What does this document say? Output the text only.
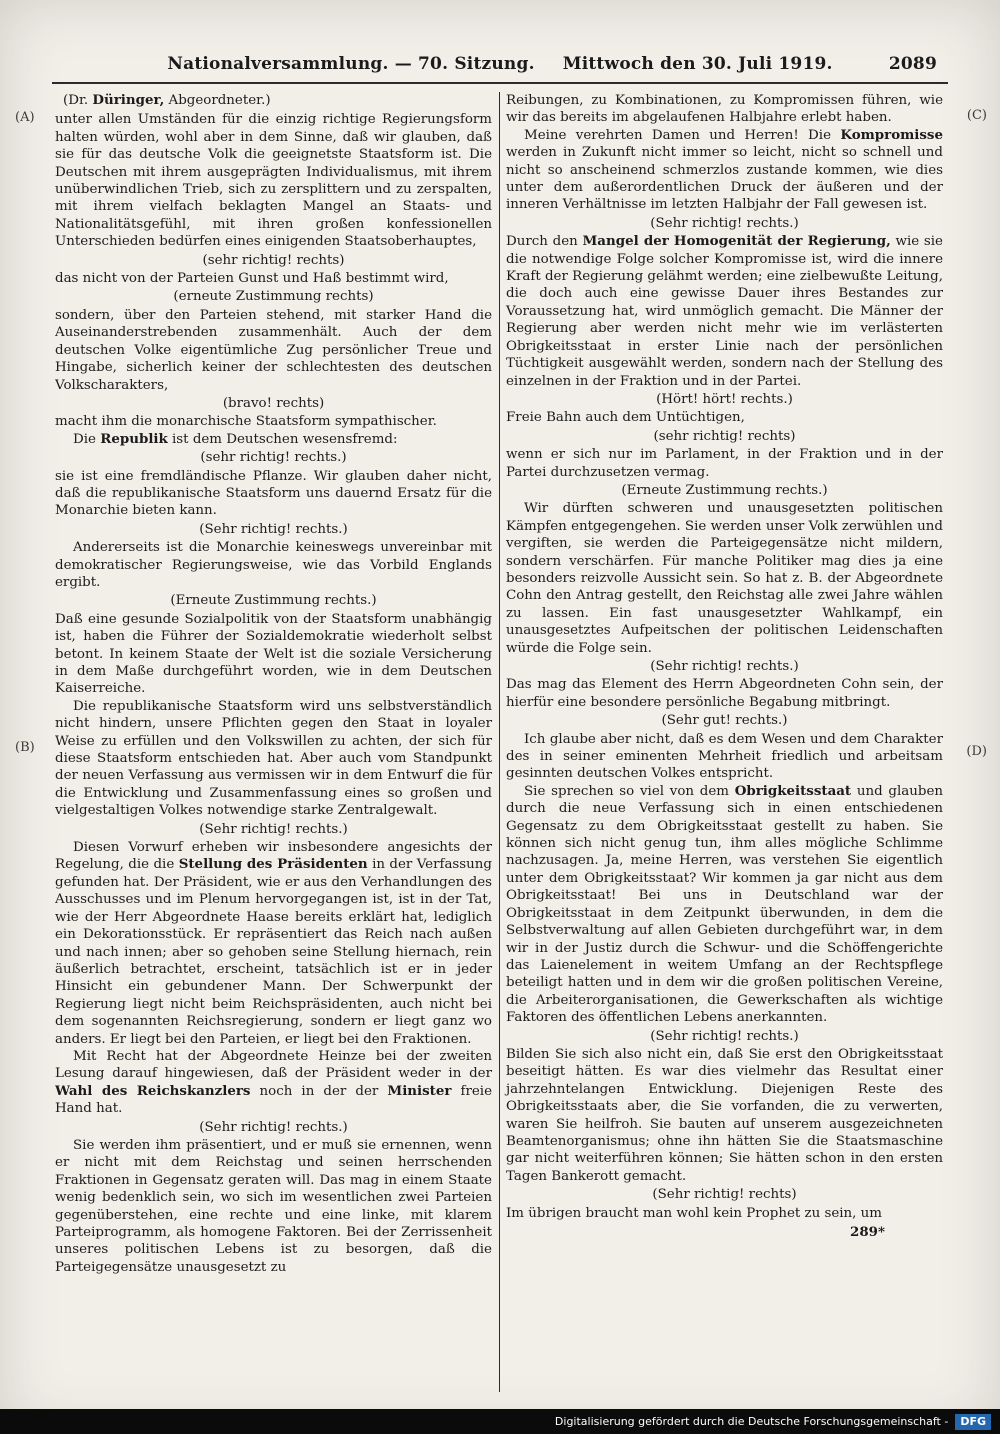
Nationalversammlung. — 70. Sitzung. Mittwoch den 30. Juli 1919.	2089
(A)
(B)
(C)
(D)
(Dr. Düringer, Abgeordneter.)
unter allen Umständen für die einzig richtige Regierungsform halten würden, wohl aber in dem Sinne, daß wir glauben, daß sie für das deutsche Volk die geeignetste Staatsform ist. Die Deutschen mit ihrem ausgeprägten Individualismus, mit ihrem unüberwindlichen Trieb, sich zu zersplittern und zu zerspalten, mit ihrem vielfach beklagten Mangel an Staats- und Nationalitätsgefühl, mit ihren großen konfessionellen Unterschieden bedürfen eines einigenden Staatsoberhauptes,
(sehr richtig! rechts)
das nicht von der Parteien Gunst und Haß bestimmt wird,
(erneute Zustimmung rechts)
sondern, über den Parteien stehend, mit starker Hand die Auseinanderstrebenden zusammenhält. Auch der dem deutschen Volke eigentümliche Zug persönlicher Treue und Hingabe, sicherlich keiner der schlechtesten des deutschen Volkscharakters,
(bravo! rechts)
macht ihm die monarchische Staatsform sympathischer.
Die Republik ist dem Deutschen wesensfremd:
(sehr richtig! rechts.)
sie ist eine fremdländische Pflanze. Wir glauben daher nicht, daß die republikanische Staatsform uns dauernd Ersatz für die Monarchie bieten kann.
(Sehr richtig! rechts.)
Andererseits ist die Monarchie keineswegs unvereinbar mit demokratischer Regierungsweise, wie das Vorbild Englands ergibt.
(Erneute Zustimmung rechts.)
Daß eine gesunde Sozialpolitik von der Staatsform unabhängig ist, haben die Führer der Sozialdemokratie wiederholt selbst betont. In keinem Staate der Welt ist die soziale Versicherung in dem Maße durchgeführt worden, wie in dem Deutschen Kaiserreiche.
Die republikanische Staatsform wird uns selbstverständlich nicht hindern, unsere Pflichten gegen den Staat in loyaler Weise zu erfüllen und den Volkswillen zu achten, der sich für diese Staatsform entschieden hat. Aber auch vom Standpunkt der neuen Verfassung aus vermissen wir in dem Entwurf die für die Entwicklung und Zusammenfassung eines so großen und vielgestaltigen Volkes notwendige starke Zentralgewalt.
(Sehr richtig! rechts.)
Diesen Vorwurf erheben wir insbesondere angesichts der Regelung, die die Stellung des Präsidenten in der Verfassung gefunden hat. Der Präsident, wie er aus den Verhandlungen des Ausschusses und im Plenum hervorgegangen ist, ist in der Tat, wie der Herr Abgeordnete Haase bereits erklärt hat, lediglich ein Dekorationsstück. Er repräsentiert das Reich nach außen und nach innen; aber so gehoben seine Stellung hiernach, rein äußerlich betrachtet, erscheint, tatsächlich ist er in jeder Hinsicht ein gebundener Mann. Der Schwerpunkt der Regierung liegt nicht beim Reichspräsidenten, auch nicht bei dem sogenannten Reichsregierung, sondern er liegt ganz wo anders. Er liegt bei den Parteien, er liegt bei den Fraktionen.
Mit Recht hat der Abgeordnete Heinze bei der zweiten Lesung darauf hingewiesen, daß der Präsident weder in der Wahl des Reichskanzlers noch in der der Minister freie Hand hat.
(Sehr richtig! rechts.)
Sie werden ihm präsentiert, und er muß sie ernennen, wenn er nicht mit dem Reichstag und seinen herrschenden Fraktionen in Gegensatz geraten will. Das mag in einem Staate wenig bedenklich sein, wo sich im wesentlichen zwei Parteien gegenüberstehen, eine rechte und eine linke, mit klarem Parteiprogramm, als homogene Faktoren. Bei der Zerrissenheit unseres politischen Lebens ist zu besorgen, daß die Parteigegensätze unausgesetzt zu
Reibungen, zu Kombinationen, zu Kompromissen führen, wie wir das bereits im abgelaufenen Halbjahre erlebt haben.
Meine verehrten Damen und Herren! Die Kompromisse werden in Zukunft nicht immer so leicht, nicht so schnell und nicht so anscheinend schmerzlos zustande kommen, wie dies unter dem außerordentlichen Druck der äußeren und der inneren Verhältnisse im letzten Halbjahr der Fall gewesen ist.
(Sehr richtig! rechts.)
Durch den Mangel der Homogenität der Regierung, wie sie die notwendige Folge solcher Kompromisse ist, wird die innere Kraft der Regierung gelähmt werden; eine zielbewußte Leitung, die doch auch eine gewisse Dauer ihres Bestandes zur Voraussetzung hat, wird unmöglich gemacht. Die Männer der Regierung aber werden nicht mehr wie im verlästerten Obrigkeitsstaat in erster Linie nach der persönlichen Tüchtigkeit ausgewählt werden, sondern nach der Stellung des einzelnen in der Fraktion und in der Partei.
(Hört! hört! rechts.)
Freie Bahn auch dem Untüchtigen,
(sehr richtig! rechts)
wenn er sich nur im Parlament, in der Fraktion und in der Partei durchzusetzen vermag.
(Erneute Zustimmung rechts.)
Wir dürften schweren und unausgesetzten politischen Kämpfen entgegengehen. Sie werden unser Volk zerwühlen und vergiften, sie werden die Parteigegensätze nicht mildern, sondern verschärfen. Für manche Politiker mag dies ja eine besonders reizvolle Aussicht sein. So hat z. B. der Abgeordnete Cohn den Antrag gestellt, den Reichstag alle zwei Jahre wählen zu lassen. Ein fast unausgesetzter Wahlkampf, ein unausgesetztes Aufpeitschen der politischen Leidenschaften würde die Folge sein.
(Sehr richtig! rechts.)
Das mag das Element des Herrn Abgeordneten Cohn sein, der hierfür eine besondere persönliche Begabung mitbringt.
(Sehr gut! rechts.)
Ich glaube aber nicht, daß es dem Wesen und dem Charakter des in seiner eminenten Mehrheit friedlich und arbeitsam gesinnten deutschen Volkes entspricht.
Sie sprechen so viel von dem Obrigkeitsstaat und glauben durch die neue Verfassung sich in einen entschiedenen Gegensatz zu dem Obrigkeitsstaat gestellt zu haben. Sie können sich nicht genug tun, ihm alles mögliche Schlimme nachzusagen. Ja, meine Herren, was verstehen Sie eigentlich unter dem Obrigkeitsstaat? Wir kommen ja gar nicht aus dem Obrigkeitsstaat! Bei uns in Deutschland war der Obrigkeitsstaat in dem Zeitpunkt überwunden, in dem die Selbstverwaltung auf allen Gebieten durchgeführt war, in dem wir in der Justiz durch die Schwur- und die Schöffengerichte das Laienelement in weitem Umfang an der Rechtspflege beteiligt hatten und in dem wir die großen politischen Vereine, die Arbeiterorganisationen, die Gewerkschaften als wichtige Faktoren des öffentlichen Lebens anerkannten.
(Sehr richtig! rechts.)
Bilden Sie sich also nicht ein, daß Sie erst den Obrigkeitsstaat beseitigt hätten. Es war dies vielmehr das Resultat einer jahrzehntelangen Entwicklung. Diejenigen Reste des Obrigkeitsstaats aber, die Sie vorfanden, die zu verwerten, waren Sie heilfroh. Sie bauten auf unserem ausgezeichneten Beamtenorganismus; ohne ihn hätten Sie die Staatsmaschine gar nicht weiterführen können; Sie hätten schon in den ersten Tagen Bankerott gemacht.
(Sehr richtig! rechts)
Im übrigen braucht man wohl kein Prophet zu sein, um
289*
Digitalisierung gefördert durch die Deutsche Forschungsgemeinschaft -	DFG
